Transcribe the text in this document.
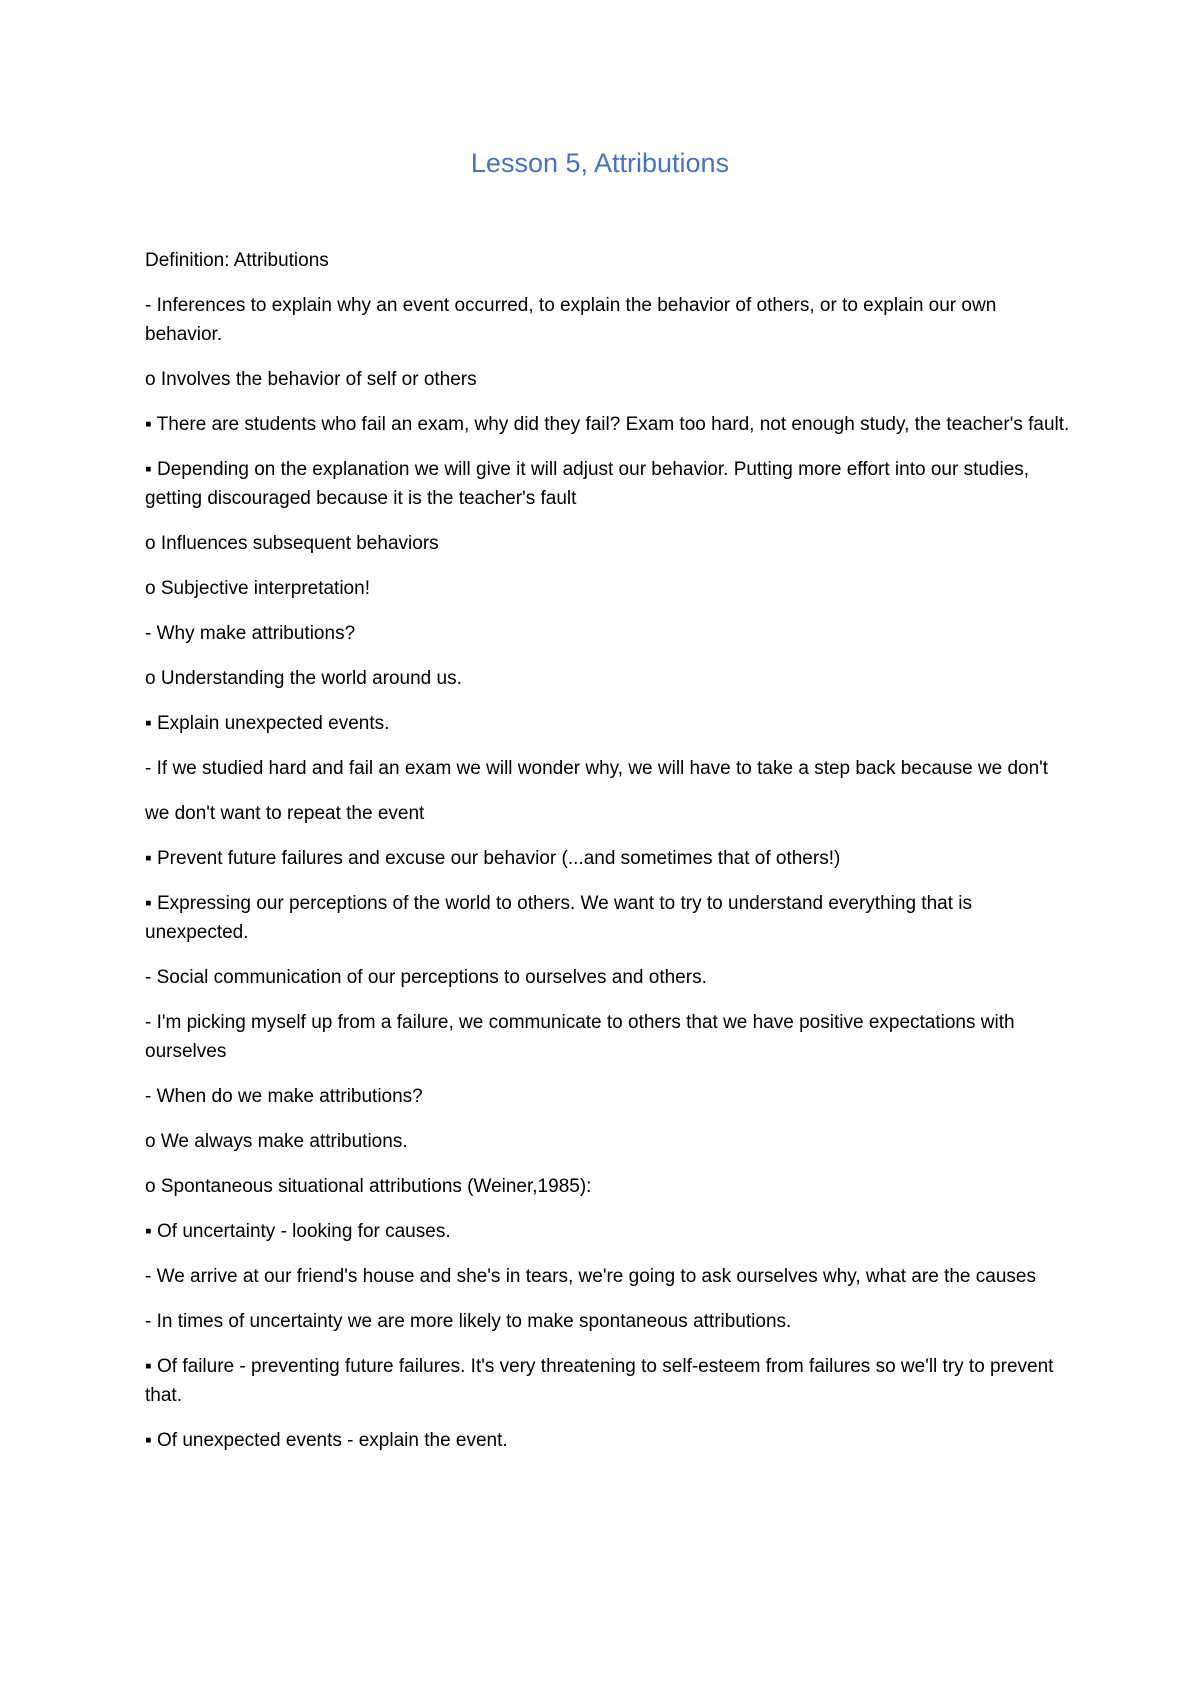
Lesson 5, Attributions

Definition: Attributions

- Inferences to explain why an event occurred, to explain the behavior of others, or to explain our own behavior.

o Involves the behavior of self or others

▪ There are students who fail an exam, why did they fail? Exam too hard, not enough study, the teacher's fault.

▪ Depending on the explanation we will give it will adjust our behavior. Putting more effort into our studies, getting discouraged because it is the teacher's fault

o Influences subsequent behaviors

o Subjective interpretation!

- Why make attributions?

o Understanding the world around us.

▪ Explain unexpected events.

- If we studied hard and fail an exam we will wonder why, we will have to take a step back because we don't

we don't want to repeat the event

▪ Prevent future failures and excuse our behavior (...and sometimes that of others!)

▪ Expressing our perceptions of the world to others. We want to try to understand everything that is unexpected.

- Social communication of our perceptions to ourselves and others.

- I'm picking myself up from a failure, we communicate to others that we have positive expectations with ourselves

- When do we make attributions?

o We always make attributions.

o Spontaneous situational attributions (Weiner,1985):

▪ Of uncertainty - looking for causes.

- We arrive at our friend's house and she's in tears, we're going to ask ourselves why, what are the causes

- In times of uncertainty we are more likely to make spontaneous attributions.

▪ Of failure - preventing future failures. It's very threatening to self-esteem from failures so we'll try to prevent that.

▪ Of unexpected events - explain the event.
